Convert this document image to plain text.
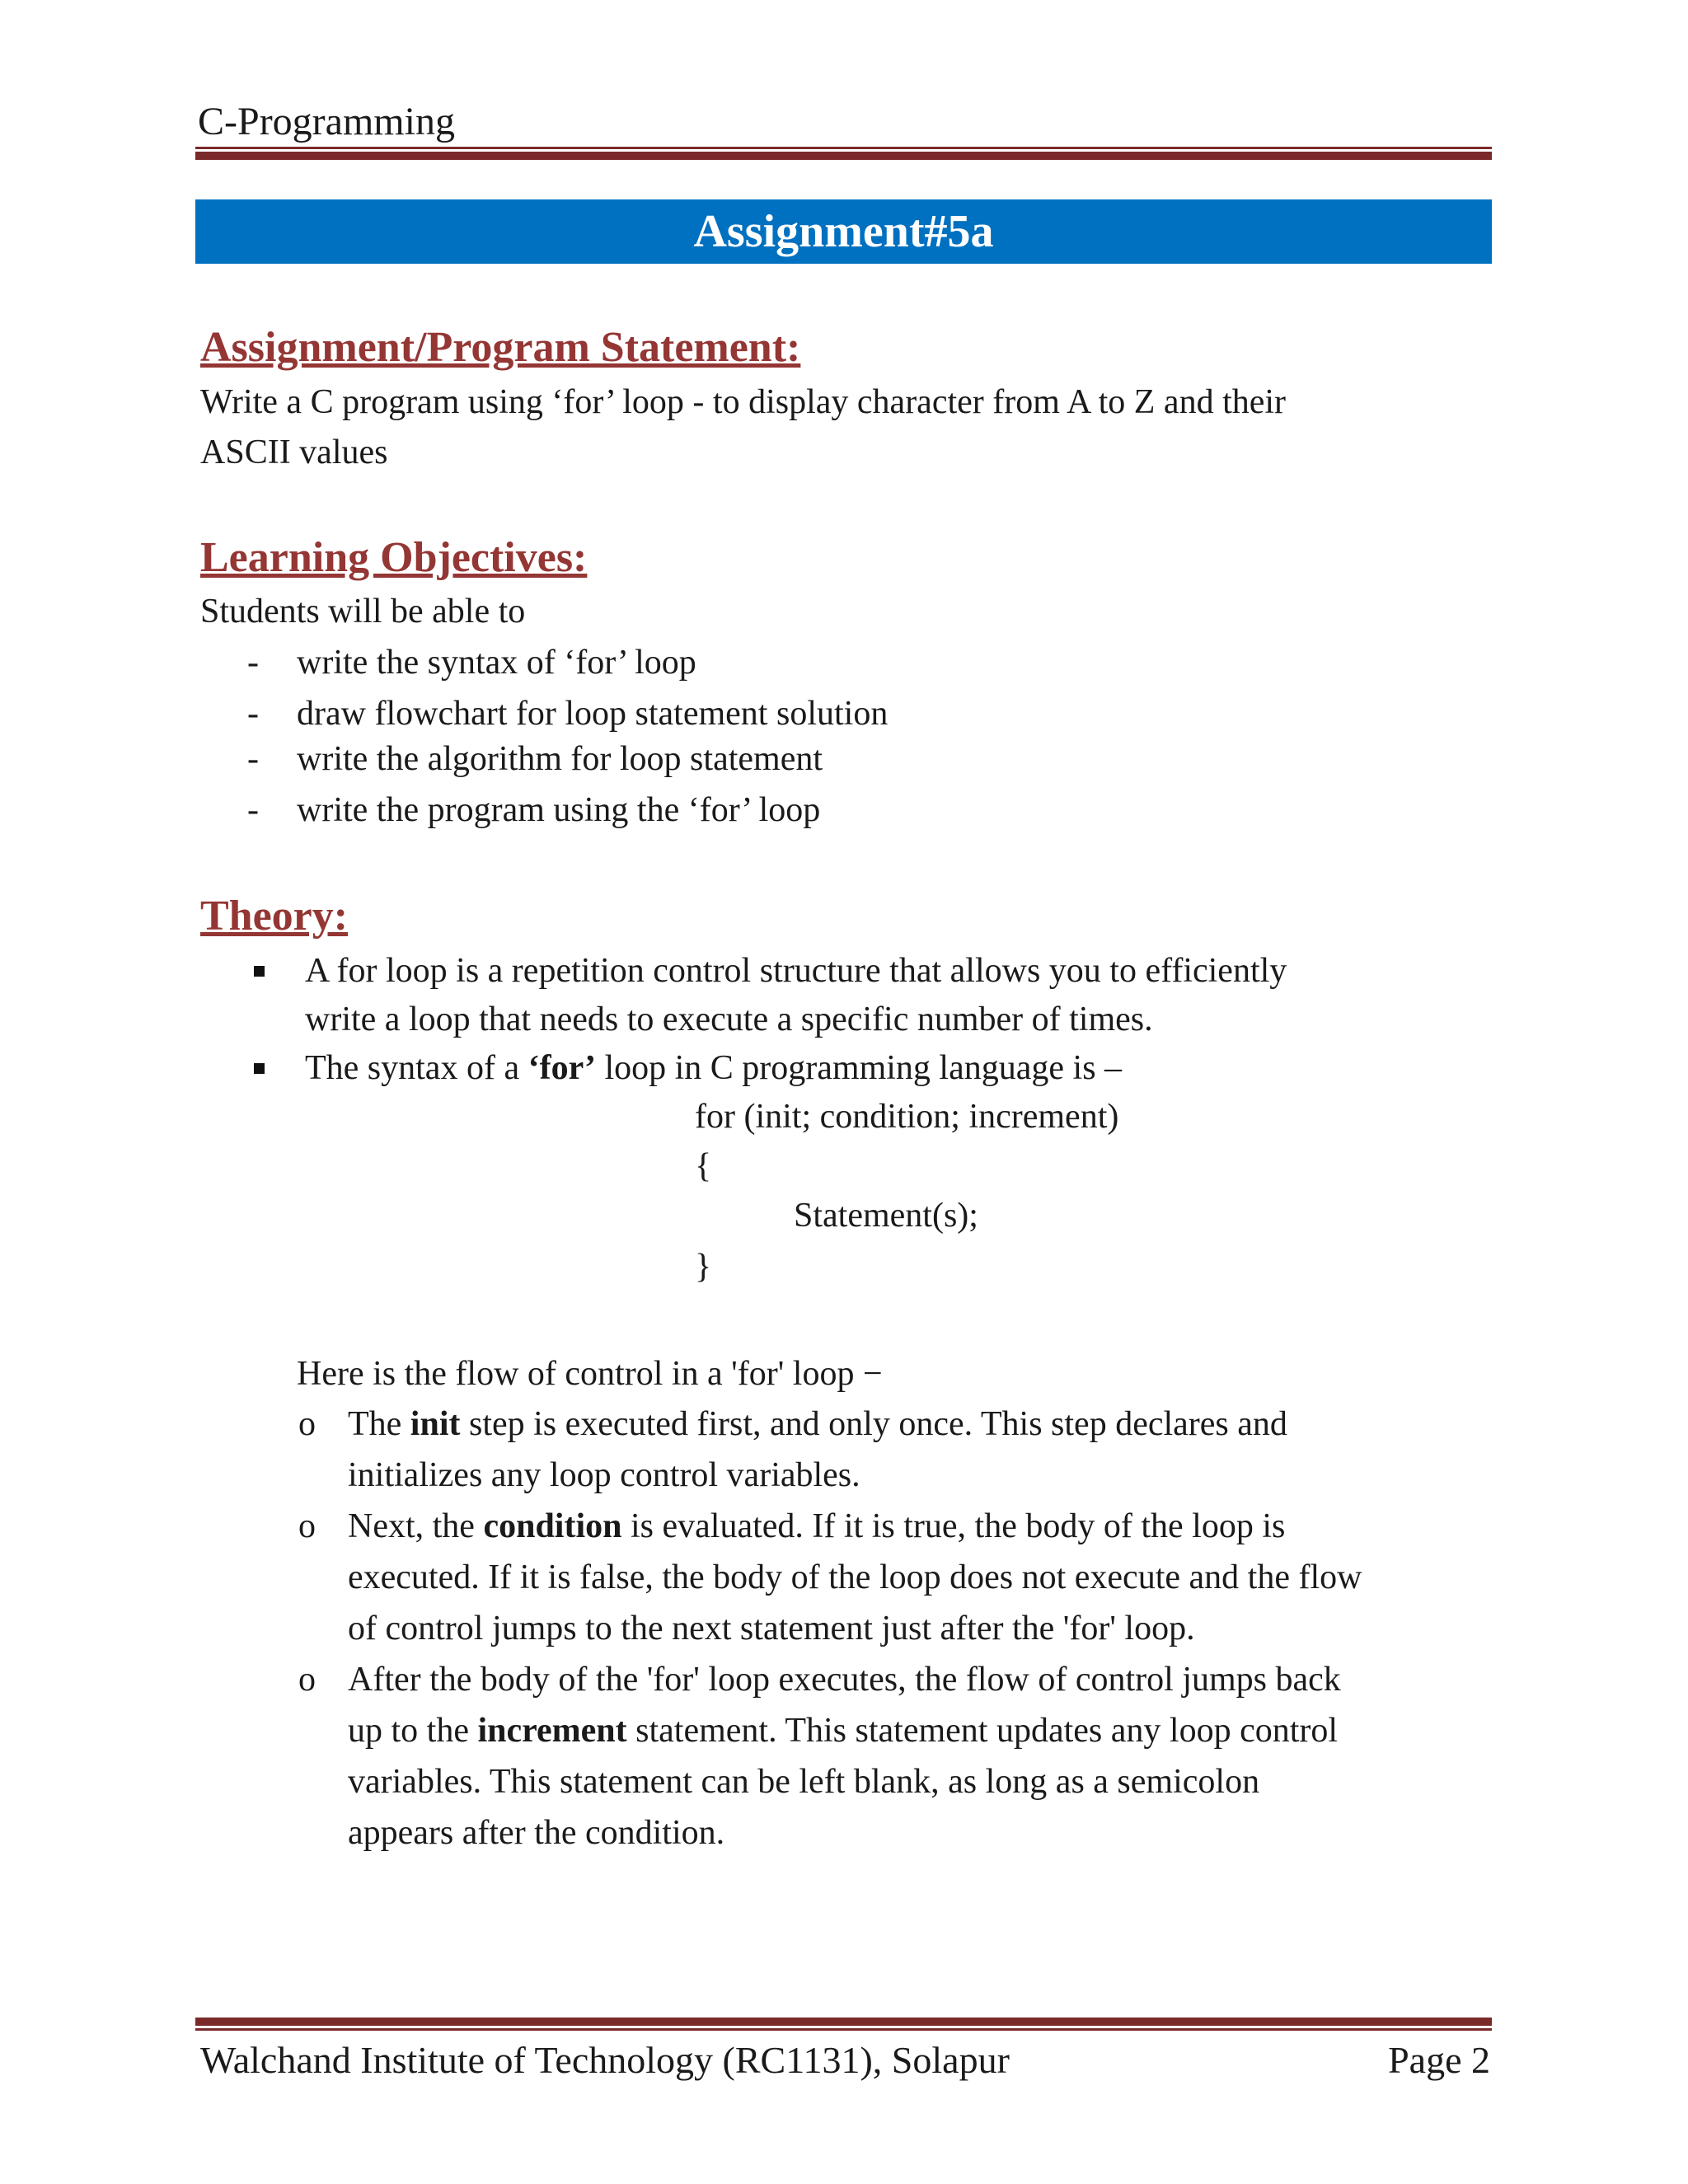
C-Programming
Assignment#5a
Assignment/Program Statement:
Write a C program using ‘for’ loop - to display character from A to Z and their
ASCII values
Learning Objectives:
Students will be able to
- write the syntax of ‘for’ loop
- draw flowchart for loop statement solution
- write the algorithm for loop statement
- write the program using the ‘for’ loop
Theory:
A for loop is a repetition control structure that allows you to efficiently
write a loop that needs to execute a specific number of times.
The syntax of a ‘for’ loop in C programming language is –
for (init; condition; increment)
{
Statement(s);
}
Here is the flow of control in a 'for' loop −
o The init step is executed first, and only once. This step declares and
initializes any loop control variables.
o Next, the condition is evaluated. If it is true, the body of the loop is
executed. If it is false, the body of the loop does not execute and the flow
of control jumps to the next statement just after the 'for' loop.
o After the body of the 'for' loop executes, the flow of control jumps back
up to the increment statement. This statement updates any loop control
variables. This statement can be left blank, as long as a semicolon
appears after the condition.
Walchand Institute of Technology (RC1131), Solapur	Page 2
